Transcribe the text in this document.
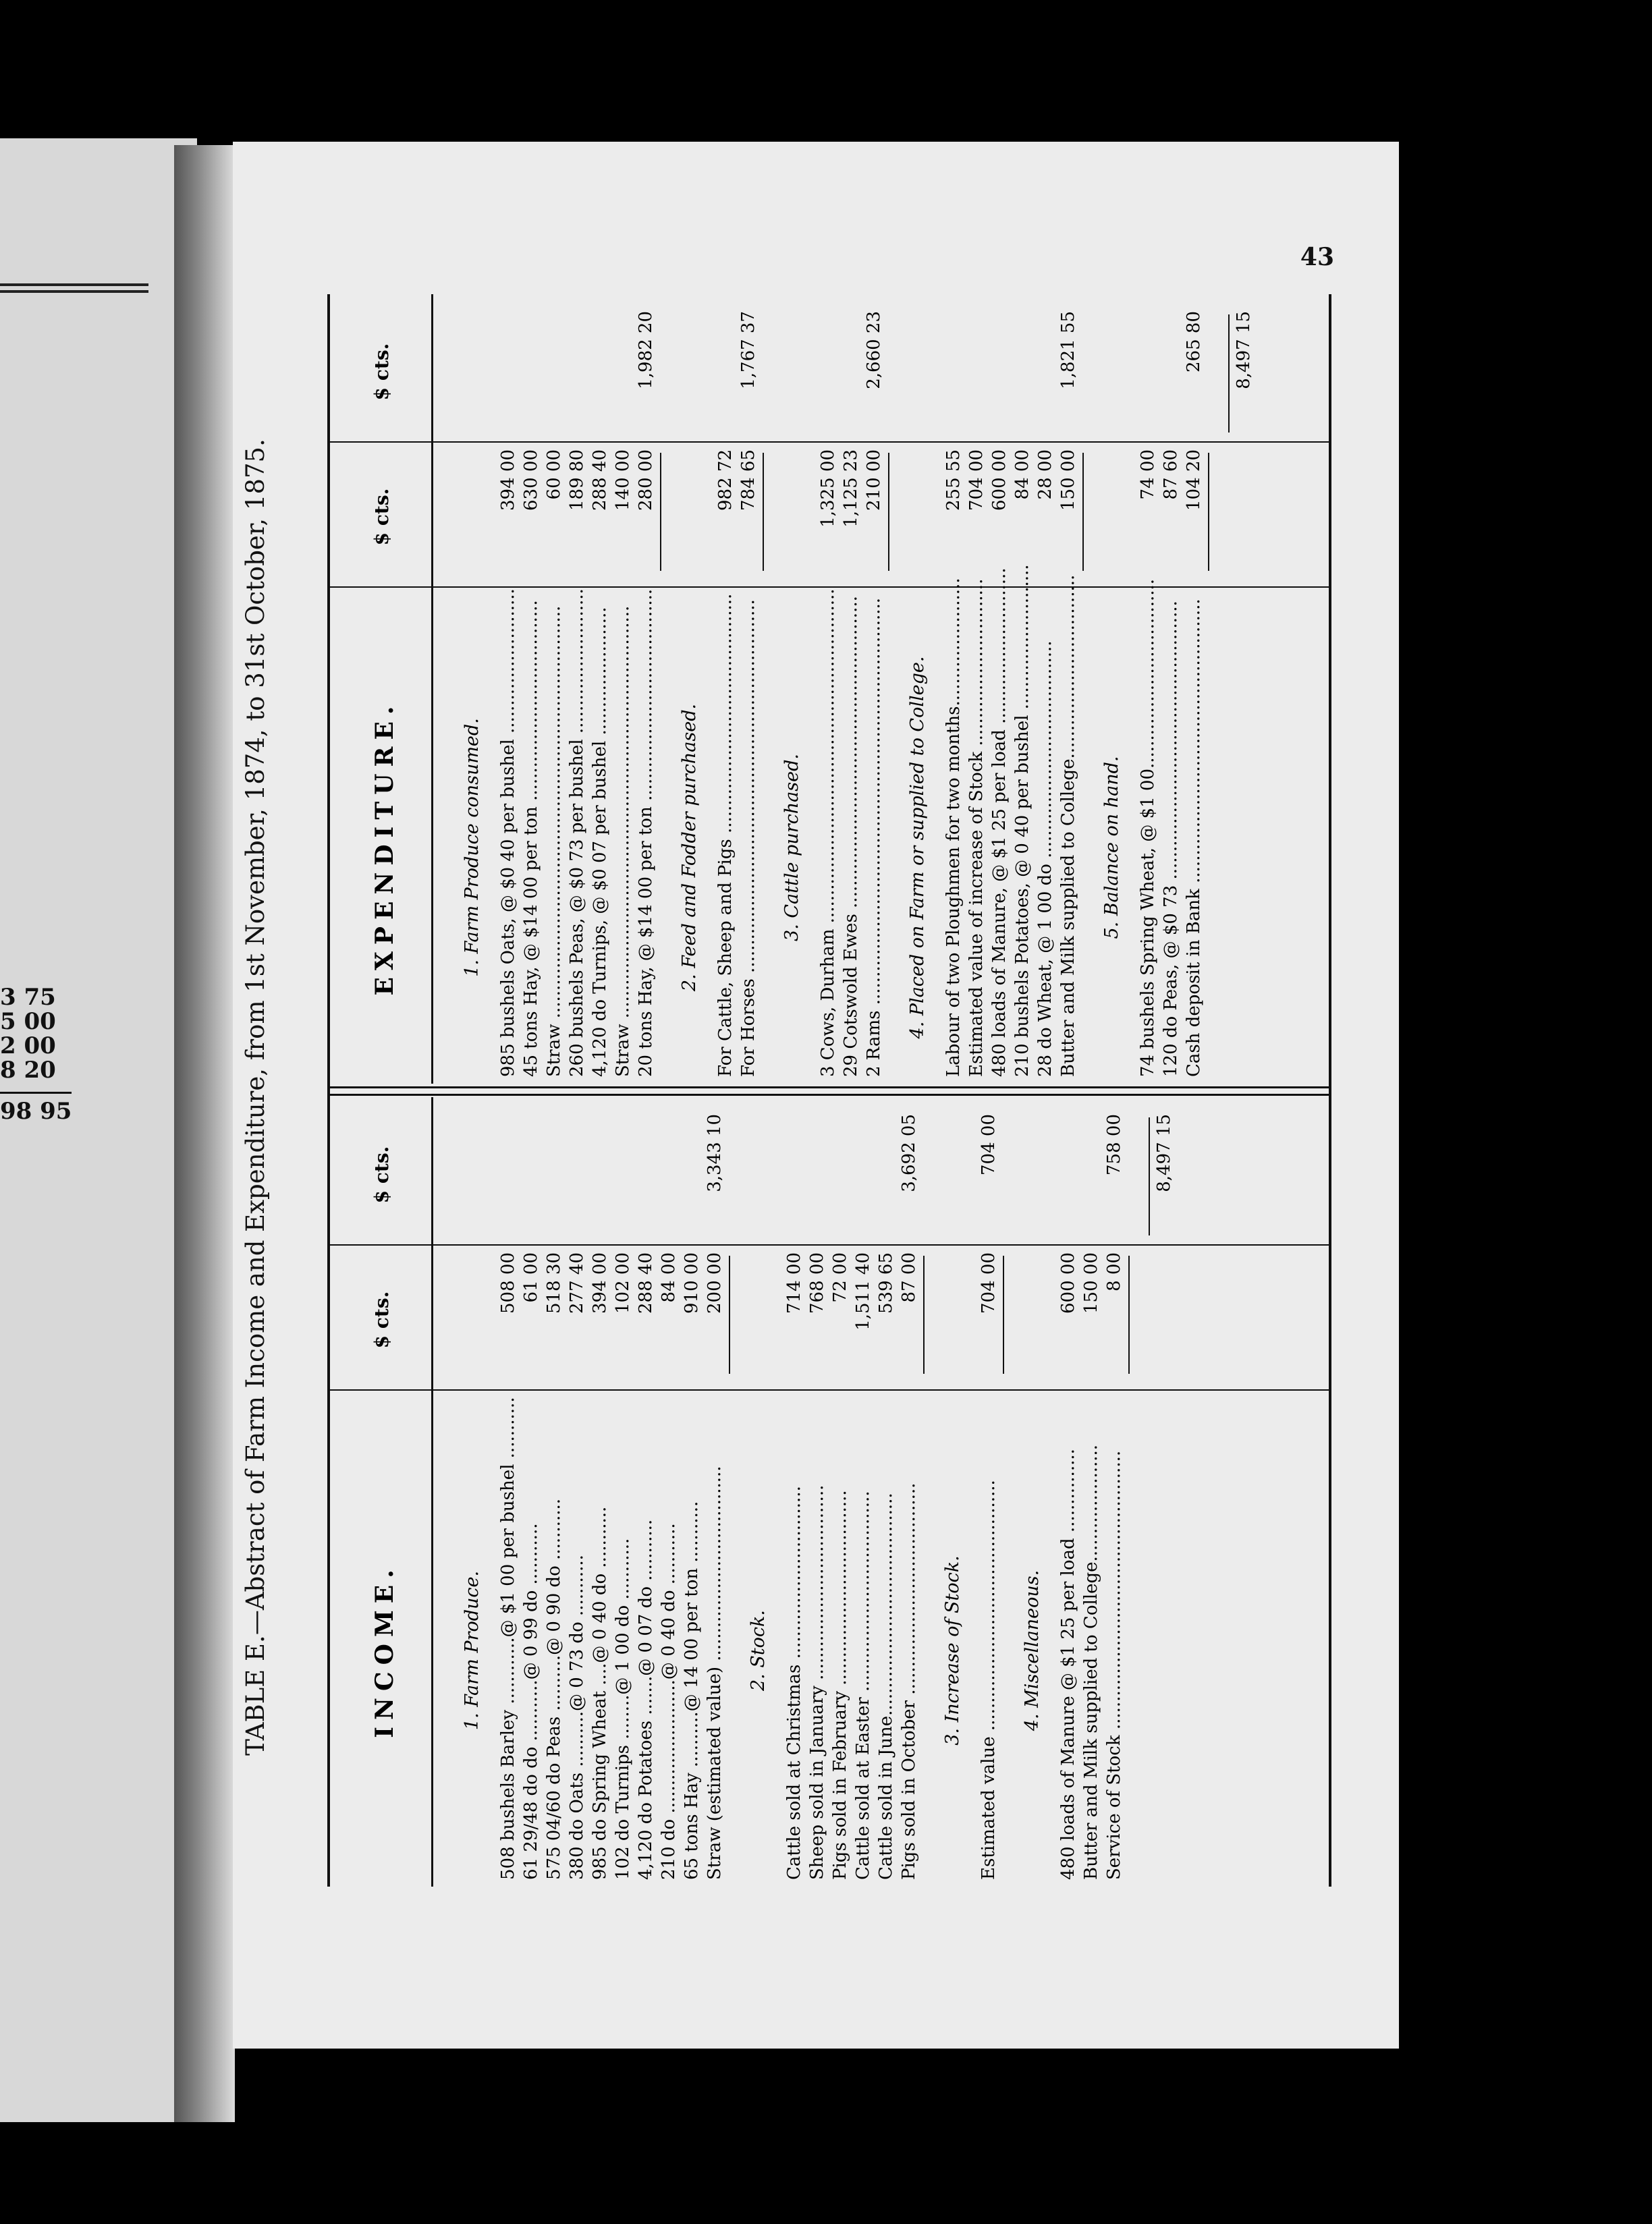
3 75
5 00
2 00
8 20
98 95
43
TABLE E.—Abstract of Farm Income and Expenditure, from 1st November, 1874, to 31st October, 1875.	INCOME.
$ cts.
$ cts.
1. Farm Produce. 508 bushels Barley ............@ $1 00 per bushel ...........
508 00
61 29/48 do do ...........@ 0 99 do ...........
61 00
575 04/60 do Peas ..........@ 0 90 do ...........
518 30
380 do Oats ..........@ 0 73 do ...........
277 40
985 do Spring Wheat ....@ 0 40 do ...........
394 00
102 do Turnips ........@ 1 00 do ...........
102 00
4,120 do Potatoes .......@ 0 07 do ...........
288 40
210 do ........................@ 0 40 do ...........
84 00
65 tons Hay ..........@ 14 00 per ton ...........
910 00
Straw (estimated value) ...................................
200 00
3,343 10
2. Stock. Cattle sold at Christmas ...............................
714 00
Sheep sold in January ...................................
768 00
Pigs sold in February ...................................
72 00
Cattle sold at Easter ....................................
1,511 40
Cattle sold in June........................................
539 65
Pigs sold in October ......................................
87 00
3,692 05
3. Increase of Stock. Estimated value .............................................
704 00
704 00
4. Miscellaneous. 480 loads of Manure @ $1 25 per load ...............
600 00
Butter and Milk supplied to College.....................
150 00
Service of Stock ..................................................
8 00
758 00 8,497 15
EXPENDITURE.
$ cts.
$ cts.
1. Farm Produce consumed. 985 bushels Oats, @ $0 40 per bushel ..........................
394 00
45 tons Hay, @ $14 00 per ton ....................................
630 00
Straw ..........................................................................
60 00
260 bushels Peas, @ $0 73 per bushel ..........................
189 80
4,120 do Turnips, @ $0 07 per bushel .......................
288 40
Straw ..........................................................................
140 00
20 tons Hay, @ $14 00 per ton ......................................
280 00
1,982 20
2. Feed and Fodder purchased. For Cattle, Sheep and Pigs ...........................................
982 72
For Horses ...................................................................
784 65
1,767 37
3. Cattle purchased. 3 Cows, Durham ............................................................
1,325 00
29 Cotswold Ewes ........................................................
1,125 23
2 Rams .........................................................................
210 00
2,660 23
4. Placed on Farm or supplied to College. Labour of two Ploughmen for two months.......................
255 55
Estimated value of increase of Stock ..............................
704 00
480 loads of Manure, @ $1 25 per load ............................
600 00
210 bushels Potatoes, @ 0 40 per bushel ..........................
84 00
28 do Wheat, @ 1 00 do .......................................
28 00
Butter and Milk supplied to College.................................
150 00
1,821 55
5. Balance on hand. 74 bushels Spring Wheat, @ $1 00..................................
74 00
120 do Peas, @ $0 73 ..................................................
87 60
Cash deposit in Bank ...................................................
104 20
265 80 8,497 15
